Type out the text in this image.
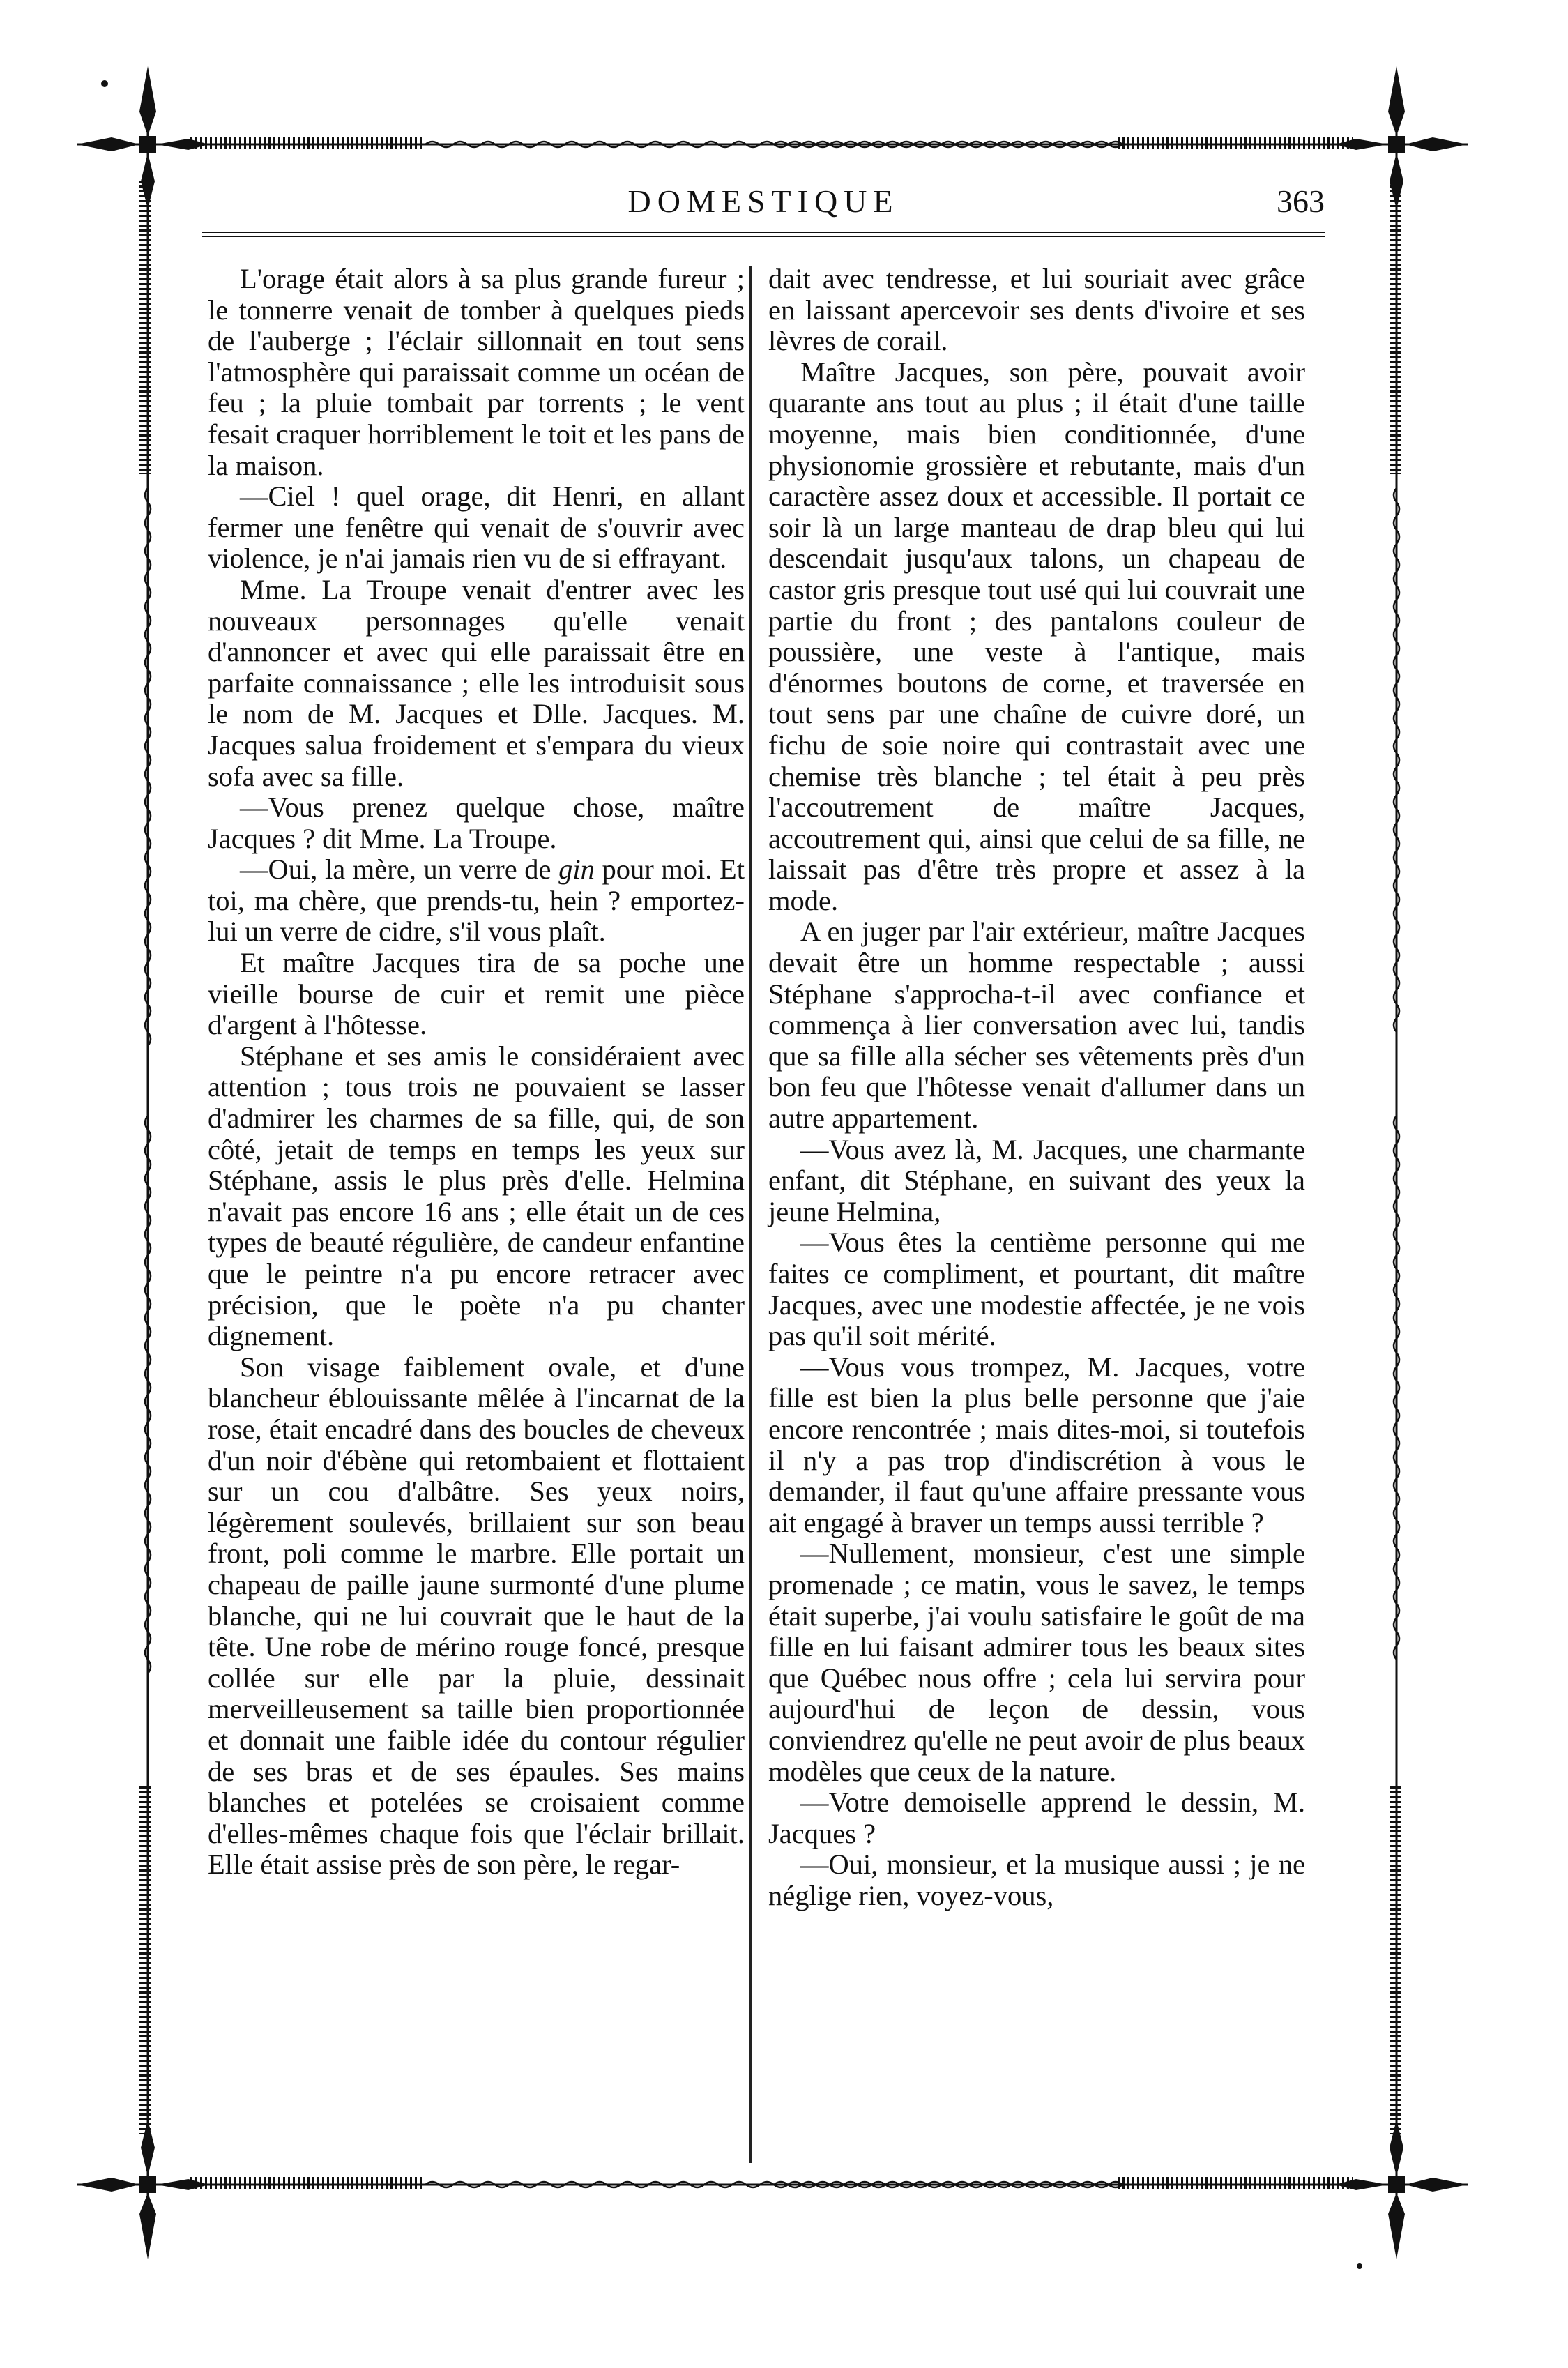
DOMESTIQUE	363

L'orage était alors à sa plus grande fureur ; le tonnerre venait de tomber à quelques pieds de l'auberge ; l'éclair sillonnait en tout sens l'atmosphère qui paraissait comme un océan de feu ; la pluie tombait par torrents ; le vent fesait craquer horriblement le toit et les pans de la maison.

—Ciel ! quel orage, dit Henri, en allant fermer une fenêtre qui venait de s'ouvrir avec violence, je n'ai jamais rien vu de si effrayant.

Mme. La Troupe venait d'entrer avec les nouveaux personnages qu'elle venait d'annoncer et avec qui elle paraissait être en parfaite connaissance ; elle les introduisit sous le nom de M. Jacques et Dlle. Jacques. M. Jacques salua froidement et s'empara du vieux sofa avec sa fille.

—Vous prenez quelque chose, maître Jacques ? dit Mme. La Troupe.

—Oui, la mère, un verre de gin pour moi. Et toi, ma chère, que prends-tu, hein ? emportez-lui un verre de cidre, s'il vous plaît.

Et maître Jacques tira de sa poche une vieille bourse de cuir et remit une pièce d'argent à l'hôtesse.

Stéphane et ses amis le considéraient avec attention ; tous trois ne pouvaient se lasser d'admirer les charmes de sa fille, qui, de son côté, jetait de temps en temps les yeux sur Stéphane, assis le plus près d'elle. Helmina n'avait pas encore 16 ans ; elle était un de ces types de beauté régulière, de candeur enfantine que le peintre n'a pu encore retracer avec précision, que le poète n'a pu chanter dignement.

Son visage faiblement ovale, et d'une blancheur éblouissante mêlée à l'incarnat de la rose, était encadré dans des boucles de cheveux d'un noir d'ébène qui retombaient et flottaient sur un cou d'albâtre. Ses yeux noirs, légèrement soulevés, brillaient sur son beau front, poli comme le marbre. Elle portait un chapeau de paille jaune surmonté d'une plume blanche, qui ne lui couvrait que le haut de la tête. Une robe de mérino rouge foncé, presque collée sur elle par la pluie, dessinait merveilleusement sa taille bien proportionnée et donnait une faible idée du contour régulier de ses bras et de ses épaules. Ses mains blanches et potelées se croisaient comme d'elles-mêmes chaque fois que l'éclair brillait. Elle était assise près de son père, le regar-

dait avec tendresse, et lui souriait avec grâce en laissant apercevoir ses dents d'ivoire et ses lèvres de corail.

Maître Jacques, son père, pouvait avoir quarante ans tout au plus ; il était d'une taille moyenne, mais bien conditionnée, d'une physionomie grossière et rebutante, mais d'un caractère assez doux et accessible. Il portait ce soir là un large manteau de drap bleu qui lui descendait jusqu'aux talons, un chapeau de castor gris presque tout usé qui lui couvrait une partie du front ; des pantalons couleur de poussière, une veste à l'antique, mais d'énormes boutons de corne, et traversée en tout sens par une chaîne de cuivre doré, un fichu de soie noire qui contrastait avec une chemise très blanche ; tel était à peu près l'accoutrement de maître Jacques, accoutrement qui, ainsi que celui de sa fille, ne laissait pas d'être très propre et assez à la mode.

A en juger par l'air extérieur, maître Jacques devait être un homme respectable ; aussi Stéphane s'approcha-t-il avec confiance et commença à lier conversation avec lui, tandis que sa fille alla sécher ses vêtements près d'un bon feu que l'hôtesse venait d'allumer dans un autre appartement.

—Vous avez là, M. Jacques, une charmante enfant, dit Stéphane, en suivant des yeux la jeune Helmina,

—Vous êtes la centième personne qui me faites ce compliment, et pourtant, dit maître Jacques, avec une modestie affectée, je ne vois pas qu'il soit mérité.

—Vous vous trompez, M. Jacques, votre fille est bien la plus belle personne que j'aie encore rencontrée ; mais dites-moi, si toutefois il n'y a pas trop d'indiscrétion à vous le demander, il faut qu'une affaire pressante vous ait engagé à braver un temps aussi terrible ?

—Nullement, monsieur, c'est une simple promenade ; ce matin, vous le savez, le temps était superbe, j'ai voulu satisfaire le goût de ma fille en lui faisant admirer tous les beaux sites que Québec nous offre ; cela lui servira pour aujourd'hui de leçon de dessin, vous conviendrez qu'elle ne peut avoir de plus beaux modèles que ceux de la nature.

—Votre demoiselle apprend le dessin, M. Jacques ?

—Oui, monsieur, et la musique aussi ; je ne néglige rien, voyez-vous,
